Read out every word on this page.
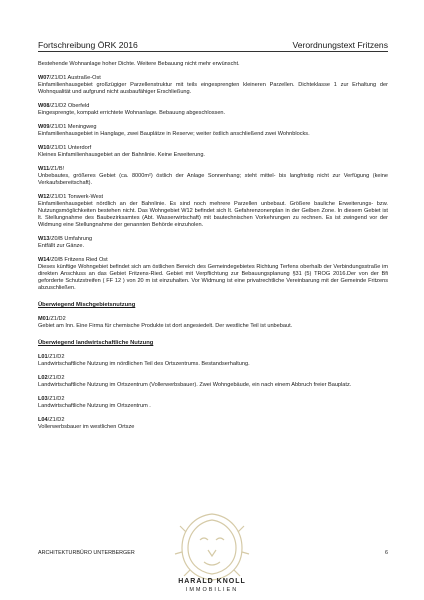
Fortschreibung ÖRK 2016	Verordnungstext Fritzens
Bestehende Wohnanlage hoher Dichte. Weitere Bebauung nicht mehr erwünscht.
W07/Z1/D1 Austraße-Ost
Einfamilienhausgebiet großzügiger Parzellenstruktur mit teils eingesprengten kleineren Parzellen. Dichteklasse 1 zur Erhaltung der Wohnqualität und aufgrund nicht ausbaufähiger Erschließung.
W08/Z1/D2 Oberfeld
Eingesprengte, kompakt errichtete Wohnanlage. Bebauung abgeschlossen.
W09/Z1/D1 Meningweg
Einfamilienhausgebiet in Hanglage, zwei Bauplätze in Reserve; weiter östlich anschließend zwei Wohnblocks.
W10/Z1/D1 Unterdorf
Kleines Einfamilienhausgebiet an der Bahnlinie. Keine Erweiterung.
W11/Z1/B!
Unbebautes, größeres Gebiet (ca. 8000m²) östlich der Anlage Sonnenhang; steht mittel- bis langfristig nicht zur Verfügung (keine Verkaufsbereitschaft).
W12/Z1/D1 Tonwerk-West
Einfamilienhausgebiet nördlich an der Bahnlinie. Es sind noch mehrere Parzellen unbebaut. Größere bauliche Erweiterungs- bzw. Nutzungsmöglichkeiten bestehen nicht. Das Wohngebiet W12 befindet sich lt. Gefahrenzonenplan in der Gelben Zone. In diesem Gebiet ist lt. Stellungnahme des Baubezirksamtes (Abt. Wasserwirtschaft) mit bautechnischen Vorkehrungen zu rechnen. Es ist zwingend vor der Widmung eine Stellungnahme der genannten Behörde einzuholen.
W13/Z0/B Umfahrung
Entfällt zur Gänze.
W14/Z0/B Fritzens Ried Ost
Dieses künftige Wohngebiet befindet sich am östlichen Bereich des Gemeindegebietes Richtung Terfens oberhalb der Verbindungsstraße im direkten Anschluss an das Gebiet Fritzens-Ried. Gebiet mit Verpflichtung zur Bebauungsplanung §31 (5) TROG 2016.Der von der Bfi geforderte Schutzstreifen ( FF 12 ) von 20 m ist einzuhalten. Vor Widmung ist eine privatrechtliche Vereinbarung mit der Gemeinde Fritzens abzuschließen.
Überwiegend Mischgebietsnutzung
M01/Z1/D2
Gebiet am Inn. Eine Firma für chemische Produkte ist dort angesiedelt. Der westliche Teil ist unbebaut.
Überwiegend landwirtschaftliche Nutzung
L01/Z1/D2
Landwirtschaftliche Nutzung im nördlichen Teil des Ortszentrums. Bestandserhaltung.
L02/Z1/D2
Landwirtschaftliche Nutzung im Ortszentrum (Vollerwerbsbauer). Zwei Wohngebäude, ein nach einem Abbruch freier Bauplatz.
L03/Z1/D2
Landwirtschaftliche Nutzung im Ortszentrum .
L04/Z1/D2
Vollerwerbsbauer im westlichen Ortsze
HARALD KNOLL
IMMOBILIEN
ARCHITEKTURBÜRO UNTERBERGER	6
